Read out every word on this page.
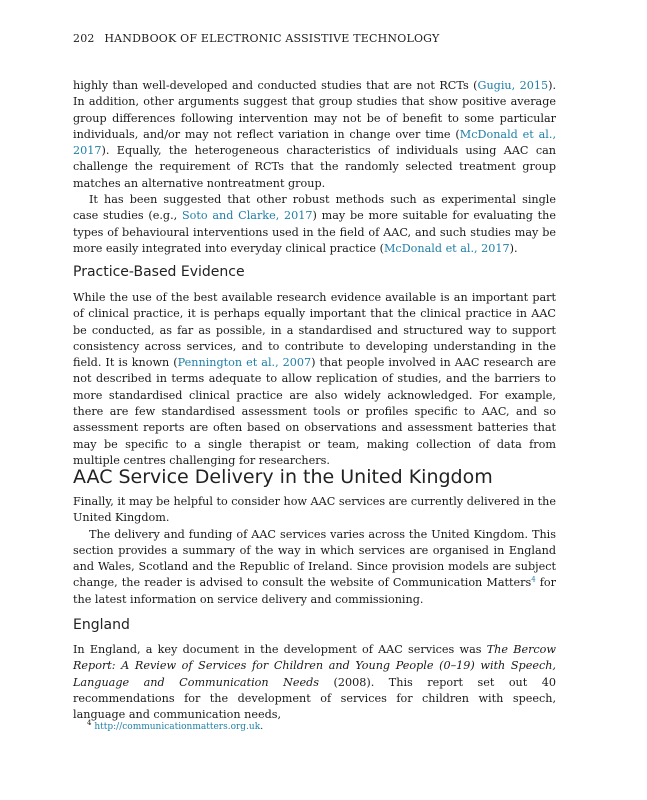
202 HANDBOOK OF ELECTRONIC ASSISTIVE TECHNOLOGY

highly than well-developed and conducted studies that are not RCTs (Gugiu, 2015). In addition, other arguments suggest that group studies that show positive average group differences following intervention may not be of benefit to some particular individuals, and/or may not reflect variation in change over time (McDonald et al., 2017). Equally, the heterogeneous characteristics of individuals using AAC can challenge the requirement of RCTs that the randomly selected treatment group matches an alternative nontreatment group.

It has been suggested that other robust methods such as experimental single case studies (e.g., Soto and Clarke, 2017) may be more suitable for evaluating the types of behavioural interventions used in the field of AAC, and such studies may be more easily integrated into everyday clinical practice (McDonald et al., 2017).

Practice-Based Evidence

While the use of the best available research evidence available is an important part of clinical practice, it is perhaps equally important that the clinical practice in AAC be conducted, as far as possible, in a standardised and structured way to support consistency across services, and to contribute to developing understanding in the field. It is known (Pennington et al., 2007) that people involved in AAC research are not described in terms adequate to allow replication of studies, and the barriers to more standardised clinical practice are also widely acknowledged. For example, there are few standardised assessment tools or profiles specific to AAC, and so assessment reports are often based on observations and assessment batteries that may be specific to a single therapist or team, making collection of data from multiple centres challenging for researchers.

AAC Service Delivery in the United Kingdom

Finally, it may be helpful to consider how AAC services are currently delivered in the United Kingdom.

The delivery and funding of AAC services varies across the United Kingdom. This section provides a summary of the way in which services are organised in England and Wales, Scotland and the Republic of Ireland. Since provision models are subject change, the reader is advised to consult the website of Communication Matters$^4$ for the latest information on service delivery and commissioning.

England

In England, a key document in the development of AAC services was The Bercow Report: A Review of Services for Children and Young People (0–19) with Speech, Language and Communication Needs (2008). This report set out 40 recommendations for the development of services for children with speech, language and communication needs,

$^4$ http://communicationmatters.org.uk.
